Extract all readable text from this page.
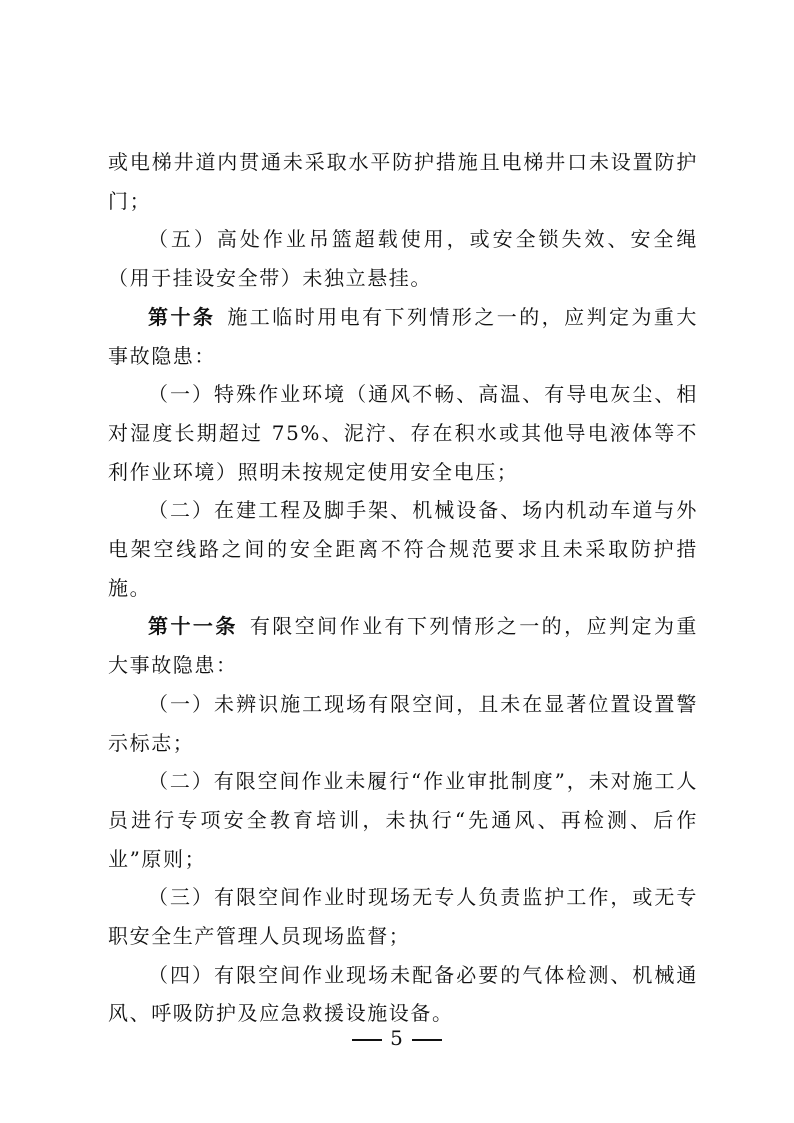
或电梯井道内贯通未采取水平防护措施且电梯井口未设置防护门；

（五）高处作业吊篮超载使用，或安全锁失效、安全绳（用于挂设安全带）未独立悬挂。

第十条 施工临时用电有下列情形之一的，应判定为重大事故隐患：

（一）特殊作业环境（通风不畅、高温、有导电灰尘、相对湿度长期超过 75%、泥泞、存在积水或其他导电液体等不利作业环境）照明未按规定使用安全电压；

（二）在建工程及脚手架、机械设备、场内机动车道与外电架空线路之间的安全距离不符合规范要求且未采取防护措施。

第十一条 有限空间作业有下列情形之一的，应判定为重大事故隐患：

（一）未辨识施工现场有限空间，且未在显著位置设置警示标志；

（二）有限空间作业未履行“作业审批制度”，未对施工人员进行专项安全教育培训，未执行“先通风、再检测、后作业”原则；

（三）有限空间作业时现场无专人负责监护工作，或无专职安全生产管理人员现场监督；

（四）有限空间作业现场未配备必要的气体检测、机械通风、呼吸防护及应急救援设施设备。

5
